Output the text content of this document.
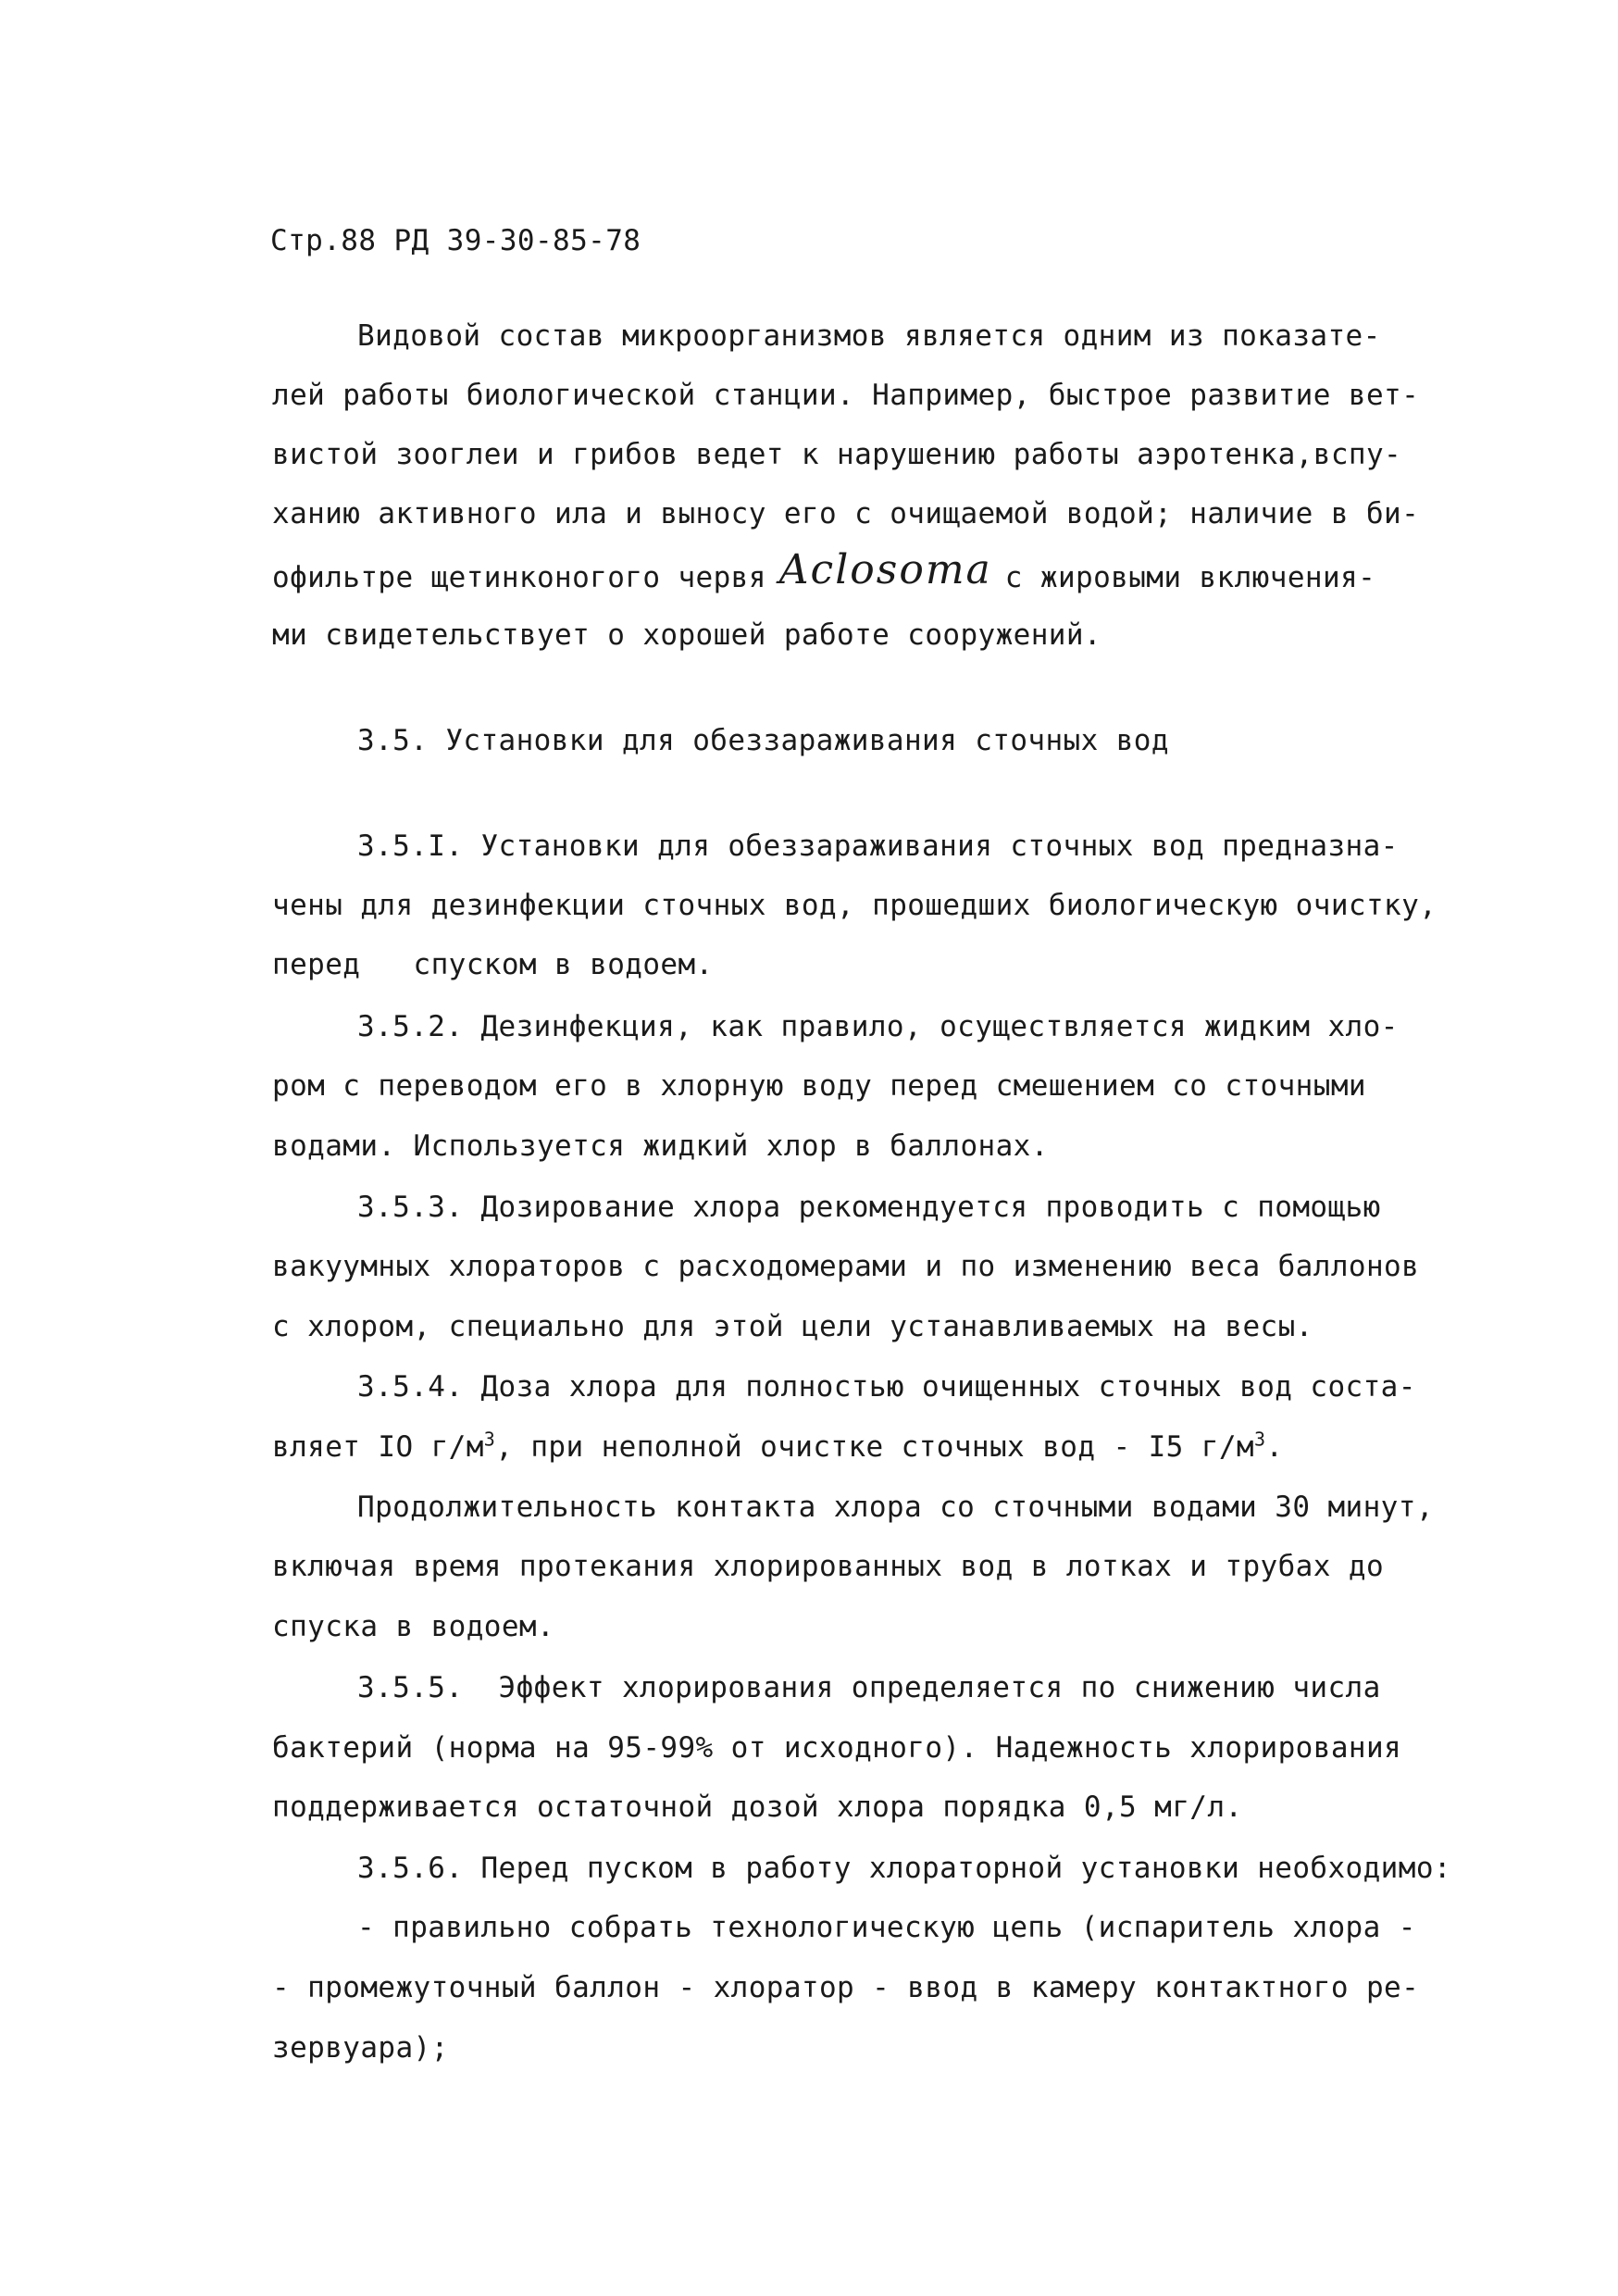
Стр.88 РД 39-30-85-78
Видовой состав микроорганизмов является одним из показате-
лей работы биологической станции. Например, быстрое развитие вет-
вистой зооглеи и грибов ведет к нарушению работы аэротенка,вспу-
ханию активного ила и выносу его с очищаемой водой; наличие в би-
офильтре щетинконогого червя Aclosoma с жировыми включения-
ми свидетельствует о хорошей работе сооружений.
3.5. Установки для обеззараживания сточных вод
3.5.I. Установки для обеззараживания сточных вод предназна-
чены для дезинфекции сточных вод, прошедших биологическую очистку,
перед   спуском в водоем.
3.5.2. Дезинфекция, как правило, осуществляется жидким хло-
ром с переводом его в хлорную воду перед смешением со сточными
водами. Используется жидкий хлор в баллонах.
3.5.3. Дозирование хлора рекомендуется проводить с помощью
вакуумных хлораторов с расходомерами и по изменению веса баллонов
с хлором, специально для этой цели устанавливаемых на весы.
3.5.4. Доза хлора для полностью очищенных сточных вод соста-
вляет IO $г/м^3$, при неполной очистке сточных вод - I5 $г/м^3$.
Продолжительность контакта хлора со сточными водами 30 минут,
включая время протекания хлорированных вод в лотках и трубах до
спуска в водоем.
3.5.5.  Эффект хлорирования определяется по снижению числа
бактерий (норма на 95-99% от исходного). Надежность хлорирования
поддерживается остаточной дозой хлора порядка 0,5 мг/л.
3.5.6. Перед пуском в работу хлораторной установки необходимо:
- правильно собрать технологическую цепь (испаритель хлора -
- промежуточный баллон - хлоратор - ввод в камеру контактного ре-
зервуара);
